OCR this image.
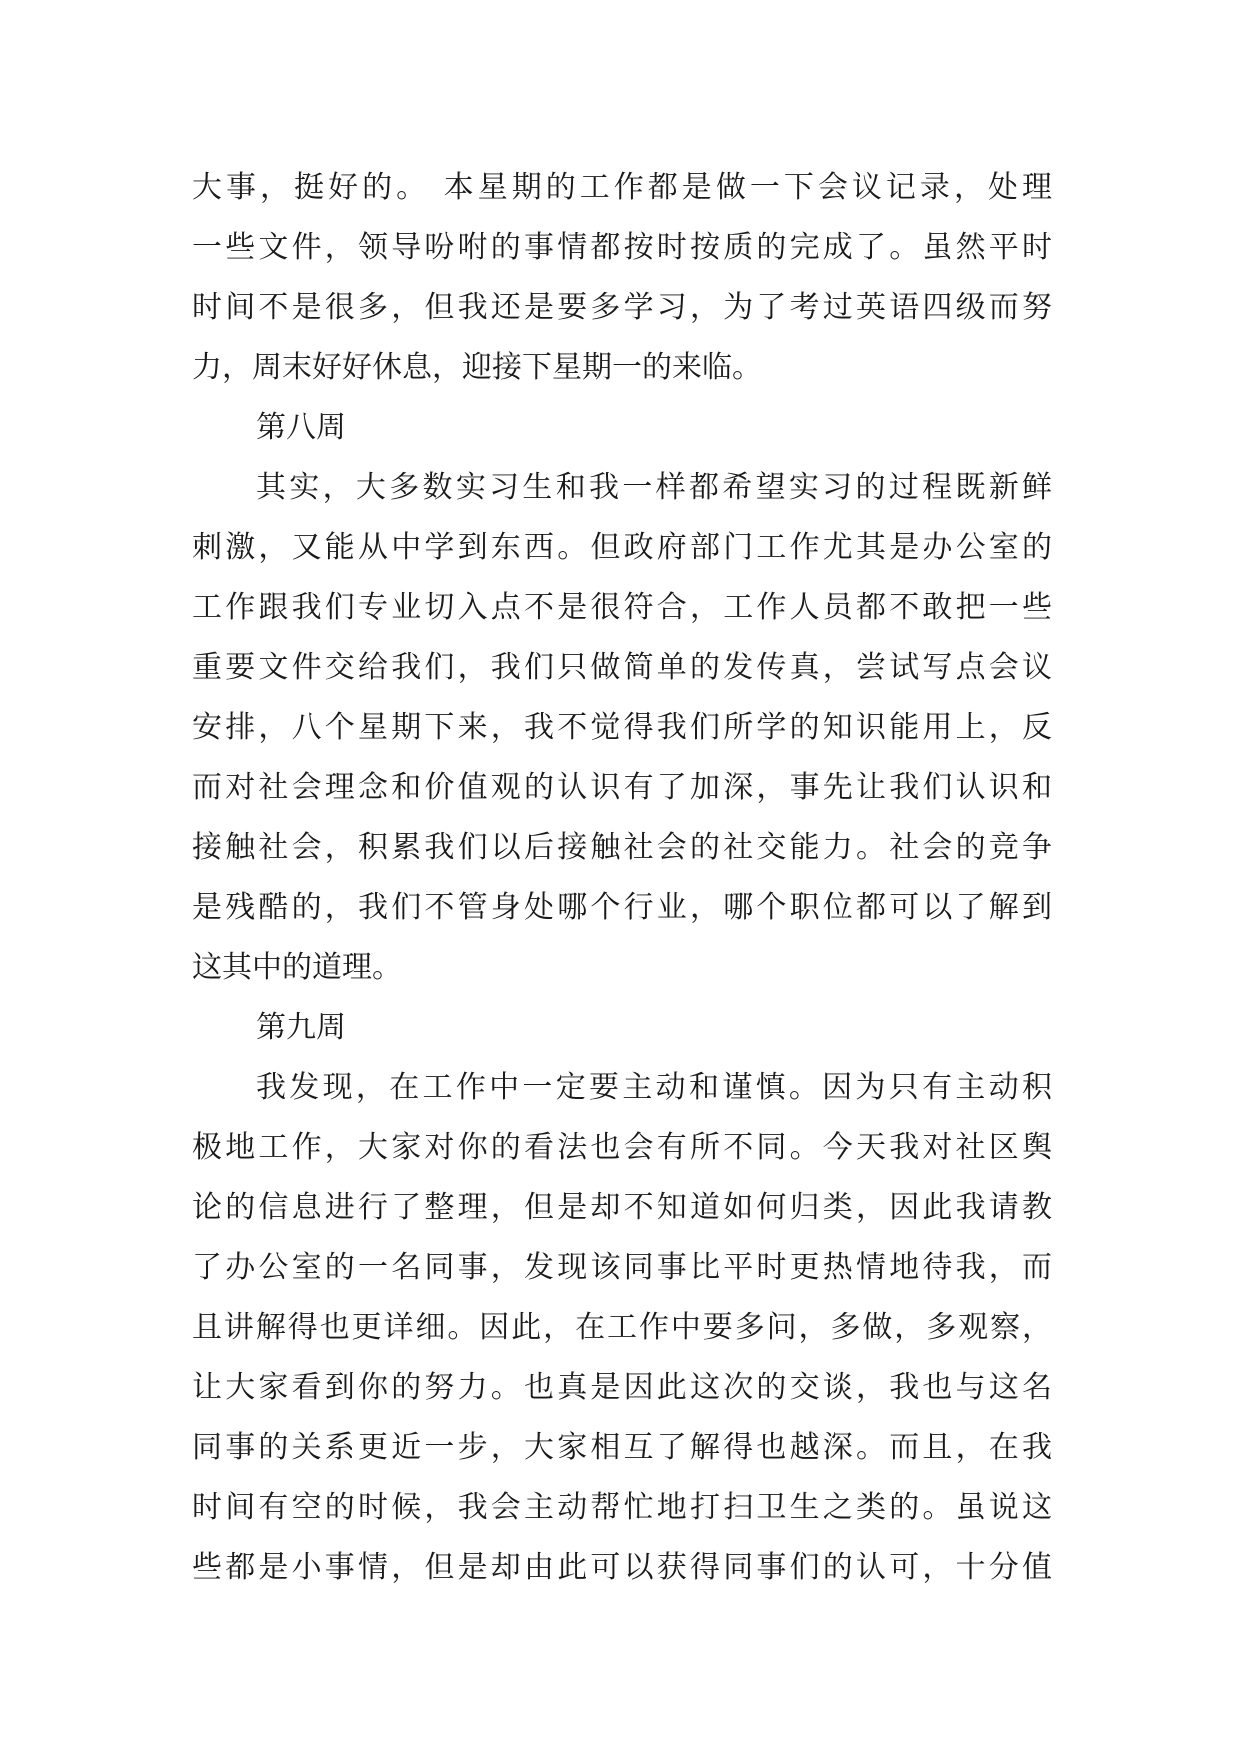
大事，挺好的。 本星期的工作都是做一下会议记录，处理
一些文件，领导吩咐的事情都按时按质的完成了。虽然平时
时间不是很多，但我还是要多学习，为了考过英语四级而努
力，周末好好休息，迎接下星期一的来临。
第八周
其实，大多数实习生和我一样都希望实习的过程既新鲜
刺激，又能从中学到东西。但政府部门工作尤其是办公室的
工作跟我们专业切入点不是很符合，工作人员都不敢把一些
重要文件交给我们，我们只做简单的发传真，尝试写点会议
安排，八个星期下来，我不觉得我们所学的知识能用上，反
而对社会理念和价值观的认识有了加深，事先让我们认识和
接触社会，积累我们以后接触社会的社交能力。社会的竞争
是残酷的，我们不管身处哪个行业，哪个职位都可以了解到
这其中的道理。
第九周
我发现，在工作中一定要主动和谨慎。因为只有主动积
极地工作，大家对你的看法也会有所不同。今天我对社区舆
论的信息进行了整理，但是却不知道如何归类，因此我请教
了办公室的一名同事，发现该同事比平时更热情地待我，而
且讲解得也更详细。因此，在工作中要多问，多做，多观察，
让大家看到你的努力。也真是因此这次的交谈，我也与这名
同事的关系更近一步，大家相互了解得也越深。而且，在我
时间有空的时候，我会主动帮忙地打扫卫生之类的。虽说这
些都是小事情，但是却由此可以获得同事们的认可，十分值
